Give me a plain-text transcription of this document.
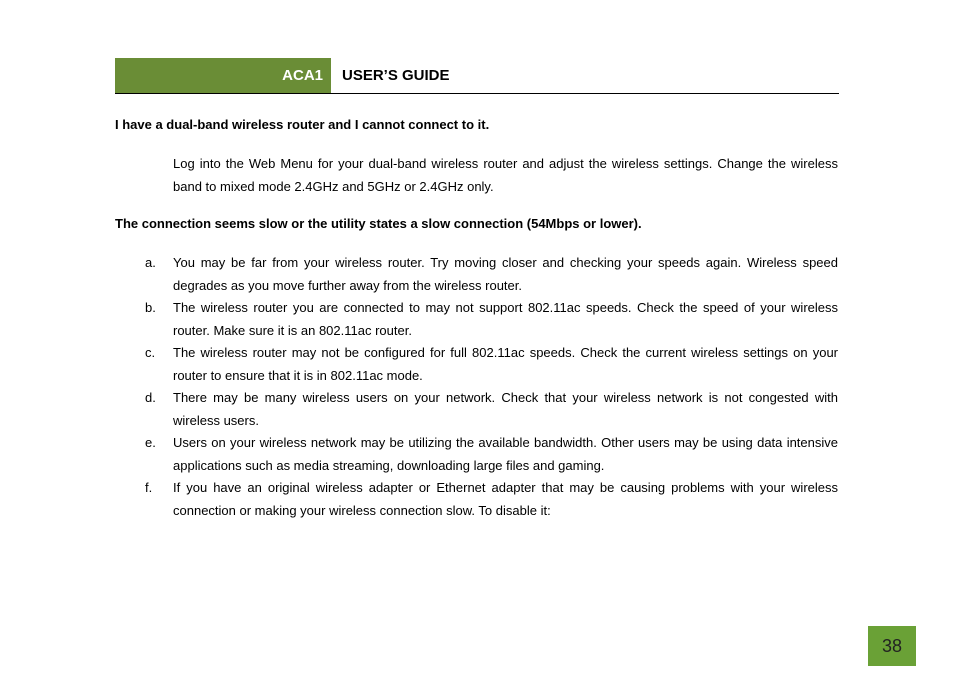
ACA1 USER’S GUIDE
I have a dual-band wireless router and I cannot connect to it.
Log into the Web Menu for your dual-band wireless router and adjust the wireless settings. Change the wireless band to mixed mode 2.4GHz and 5GHz or 2.4GHz only.
The connection seems slow or the utility states a slow connection (54Mbps or lower).
a. You may be far from your wireless router. Try moving closer and checking your speeds again. Wireless speed degrades as you move further away from the wireless router.
b. The wireless router you are connected to may not support 802.11ac speeds. Check the speed of your wireless router. Make sure it is an 802.11ac router.
c. The wireless router may not be configured for full 802.11ac speeds. Check the current wireless settings on your router to ensure that it is in 802.11ac mode.
d. There may be many wireless users on your network. Check that your wireless network is not congested with wireless users.
e. Users on your wireless network may be utilizing the available bandwidth. Other users may be using data intensive applications such as media streaming, downloading large files and gaming.
f. If you have an original wireless adapter or Ethernet adapter that may be causing problems with your wireless connection or making your wireless connection slow. To disable it:
38
